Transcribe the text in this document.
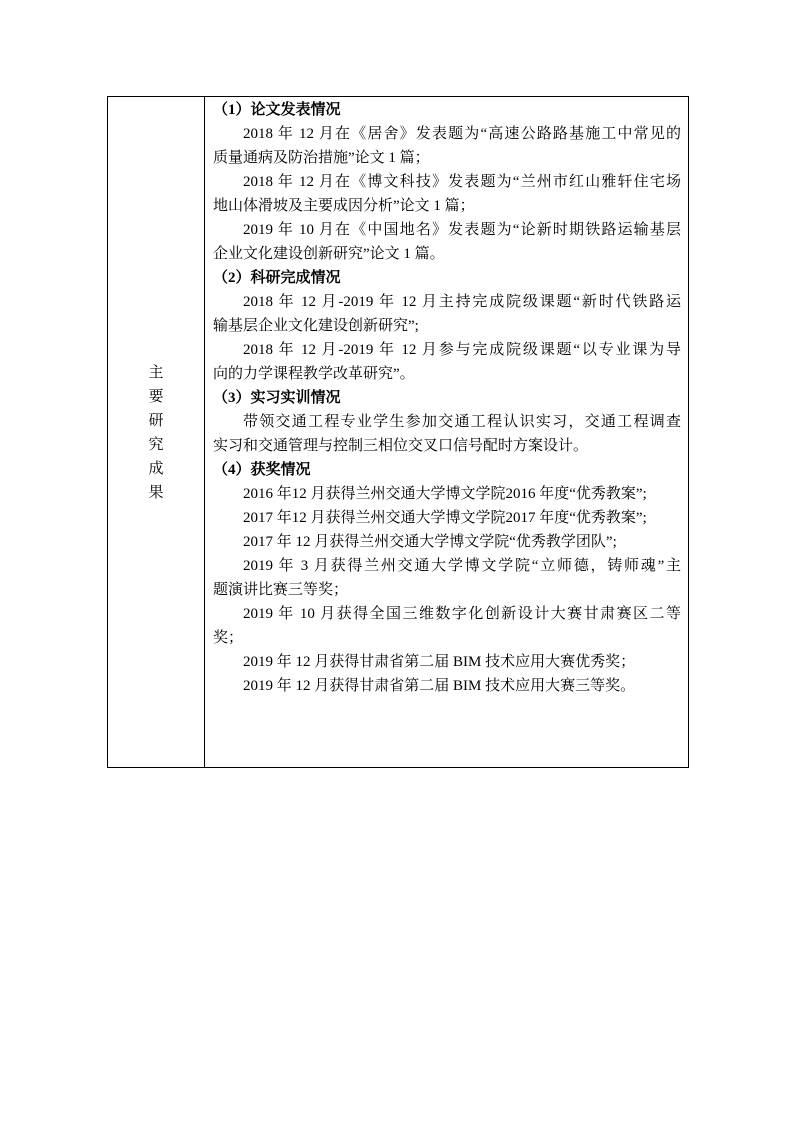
主要研究成果
（1）论文发表情况
2018 年 12 月在《居舍》发表题为“高速公路路基施工中常见的
质量通病及防治措施”论文 1 篇；
2018 年 12 月在《博文科技》发表题为“兰州市红山雅轩住宅场
地山体滑坡及主要成因分析”论文 1 篇；
2019 年 10 月在《中国地名》发表题为“论新时期铁路运输基层
企业文化建设创新研究”论文 1 篇。
（2）科研完成情况
2018 年 12 月-2019 年 12 月主持完成院级课题“新时代铁路运
输基层企业文化建设创新研究”;
2018 年 12 月-2019 年 12 月参与完成院级课题“以专业课为导
向的力学课程教学改革研究”。
（3）实习实训情况
带领交通工程专业学生参加交通工程认识实习，交通工程调查
实习和交通管理与控制三相位交叉口信号配时方案设计。
（4）获奖情况
2016 年12 月获得兰州交通大学博文学院2016 年度“优秀教案”;
2017 年12 月获得兰州交通大学博文学院2017 年度“优秀教案”;
2017 年 12 月获得兰州交通大学博文学院“优秀教学团队”;
2019 年 3 月获得兰州交通大学博文学院“立师德，铸师魂”主
题演讲比赛三等奖；
2019 年 10 月获得全国三维数字化创新设计大赛甘肃赛区二等
奖；
2019 年 12 月获得甘肃省第二届 BIM 技术应用大赛优秀奖；
2019 年 12 月获得甘肃省第二届 BIM 技术应用大赛三等奖。
